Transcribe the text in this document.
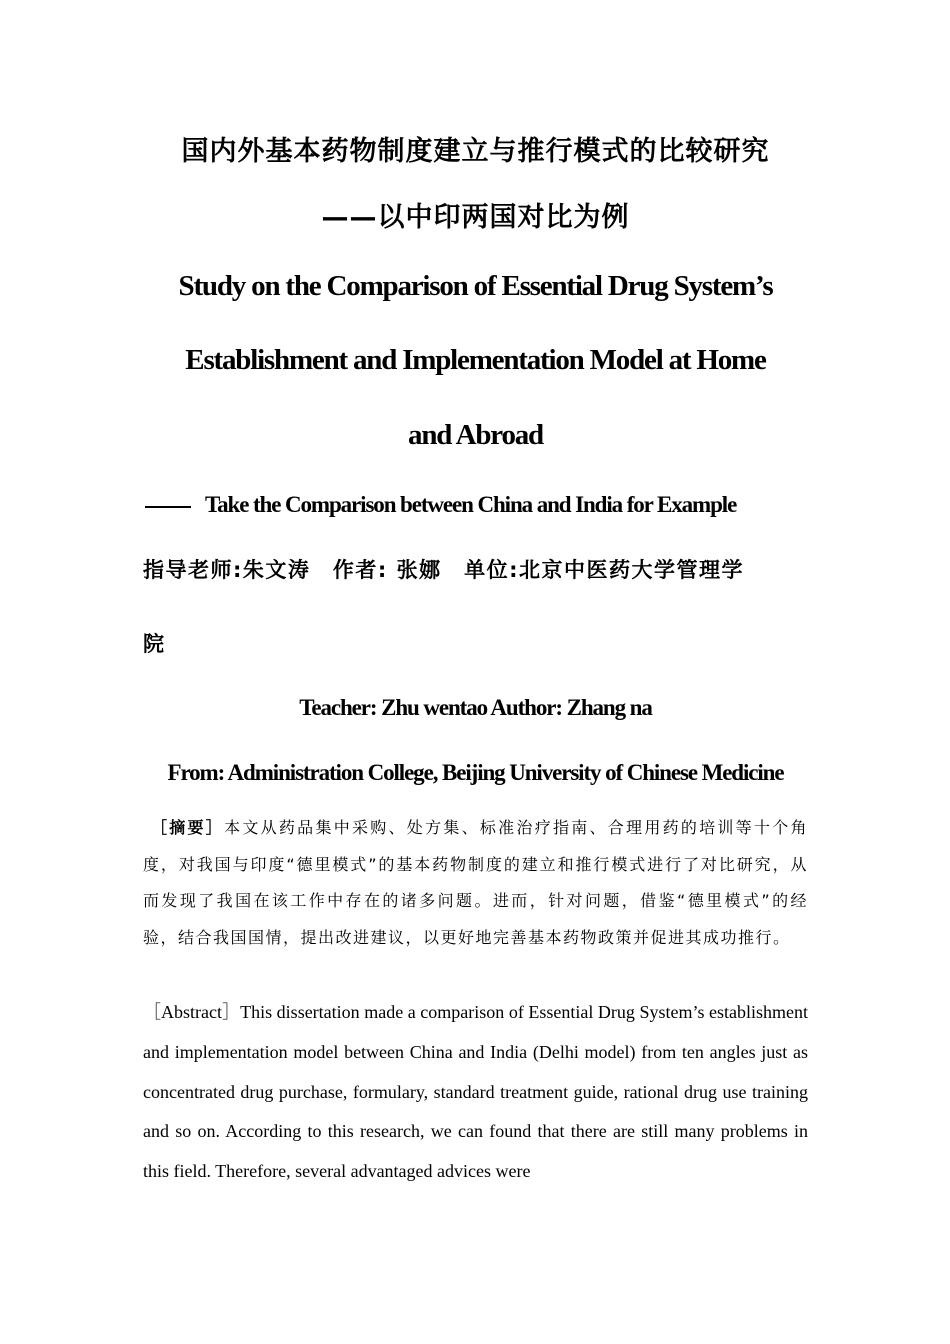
国内外基本药物制度建立与推行模式的比较研究
——以中印两国对比为例
Study on the Comparison of Essential Drug System’s
Establishment and Implementation Model at Home
and Abroad
Take the Comparison between China and India for Example
指导老师:朱文涛　作者: 张娜　单位:北京中医药大学管理学
院
Teacher: Zhu wentao Author: Zhang na
From: Administration College, Beijing University of Chinese Medicine
［摘要］本文从药品集中采购、处方集、标准治疗指南、合理用药的培训等十个角度，对我国与印度“德里模式”的基本药物制度的建立和推行模式进行了对比研究，从而发现了我国在该工作中存在的诸多问题。进而，针对问题，借鉴“德里模式”的经验，结合我国国情，提出改进建议，以更好地完善基本药物政策并促进其成功推行。
［Abstract］This dissertation made a comparison of Essential Drug System’s establishment and implementation model between China and India (Delhi model) from ten angles just as concentrated drug purchase, formulary, standard treatment guide, rational drug use training and so on. According to this research, we can found that there are still many problems in this field. Therefore, several advantaged advices were
